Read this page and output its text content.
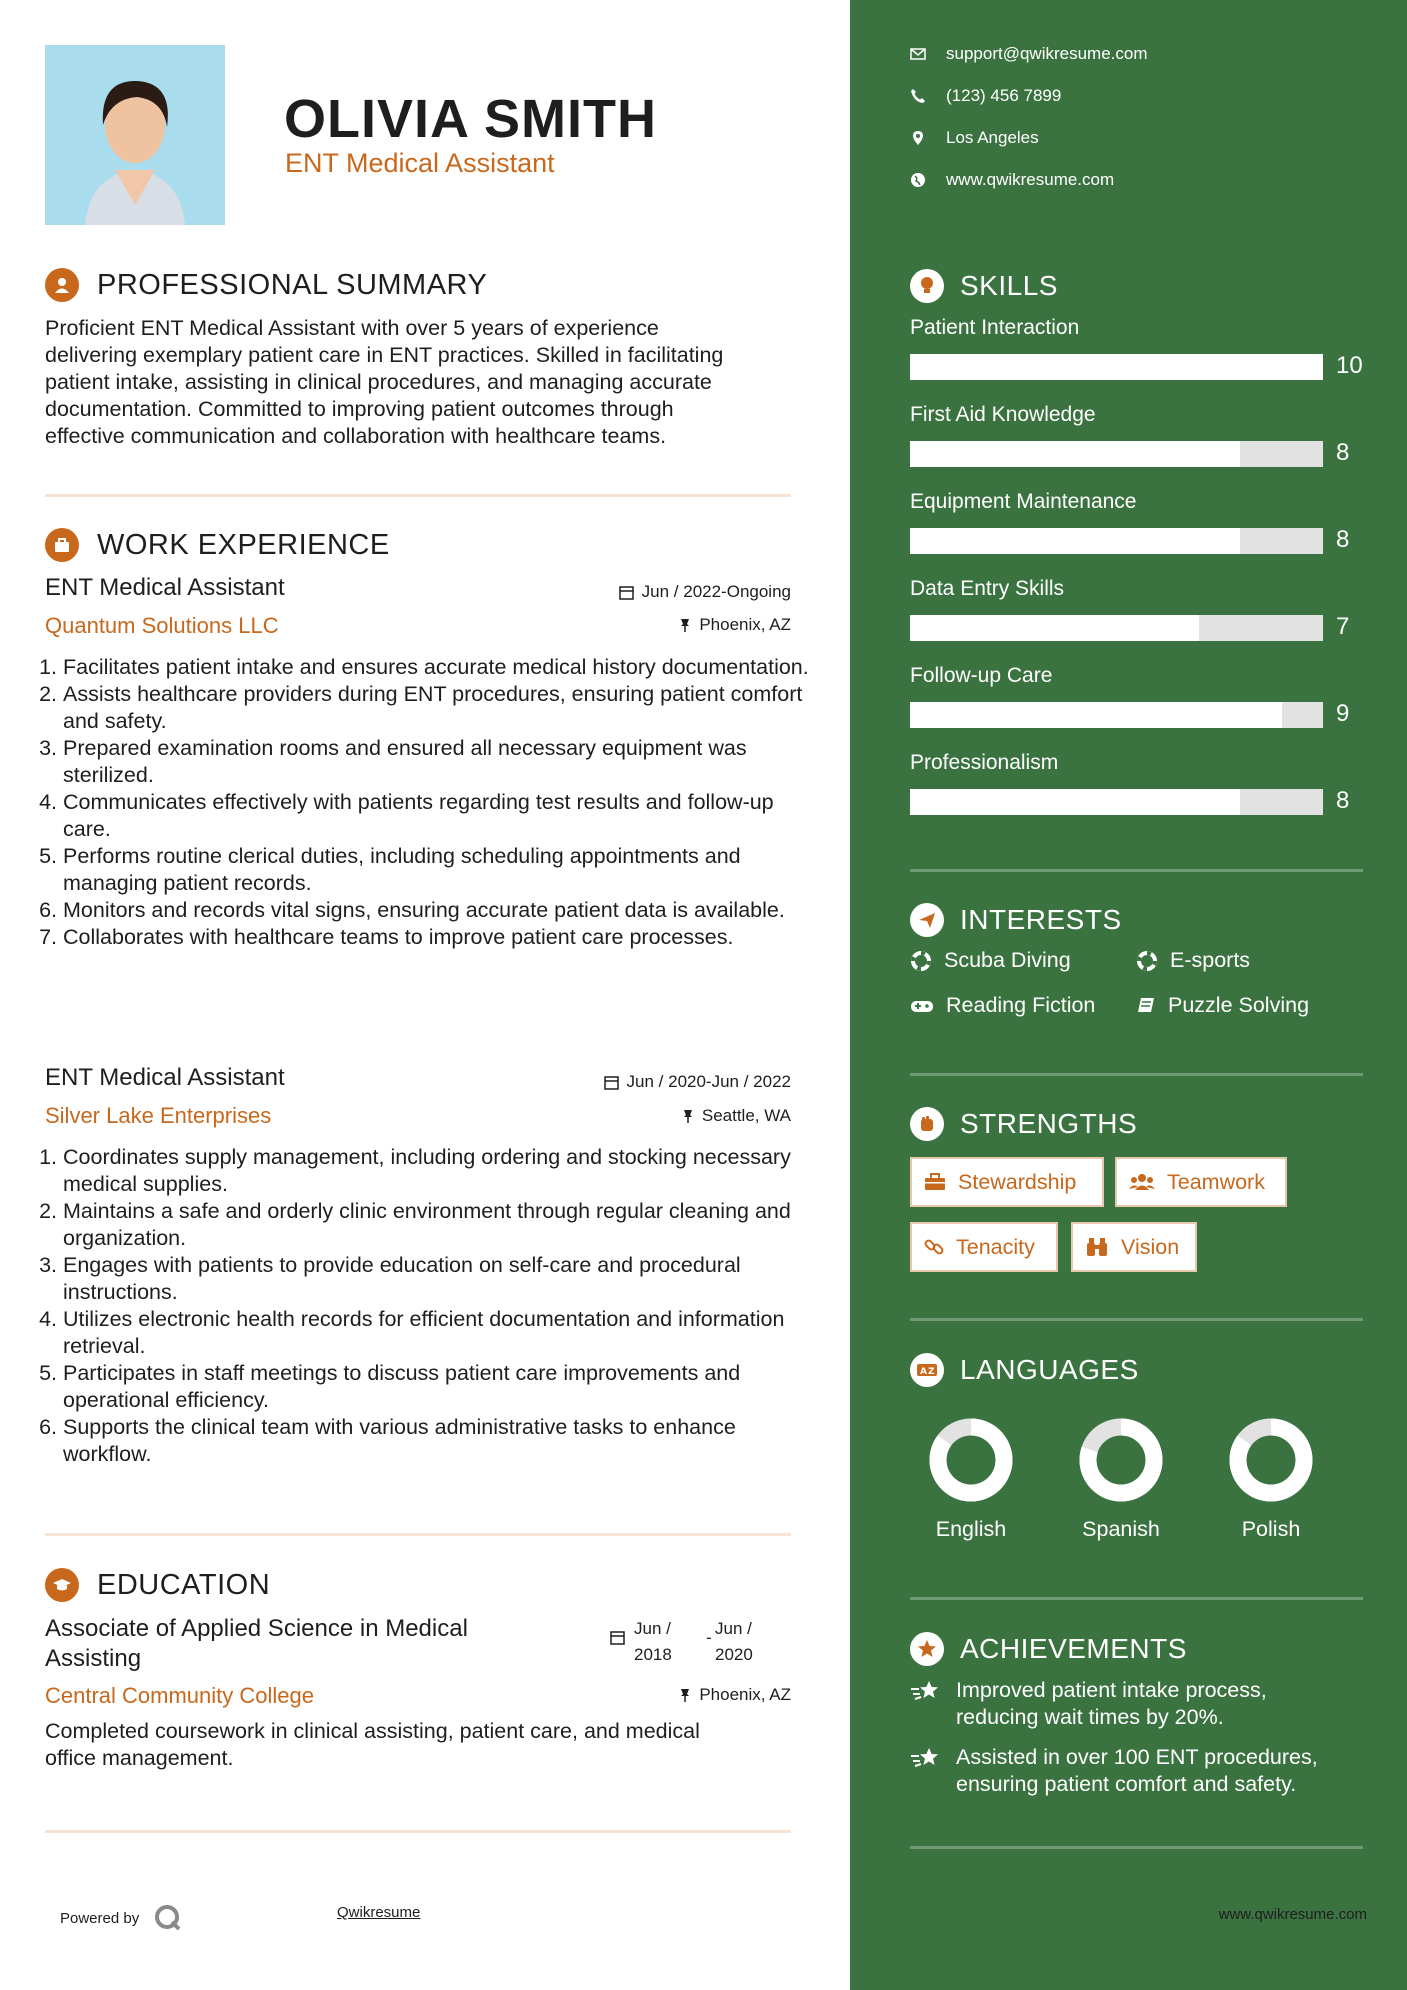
OLIVIA SMITH
ENT Medical Assistant
PROFESSIONAL SUMMARY
Proficient ENT Medical Assistant with over 5 years of experience
delivering exemplary patient care in ENT practices. Skilled in facilitating
patient intake, assisting in clinical procedures, and managing accurate
documentation. Committed to improving patient outcomes through
effective communication and collaboration with healthcare teams.
WORK EXPERIENCE
ENT Medical Assistant	Jun / 2022-Ongoing
Quantum Solutions LLC	Phoenix, AZ
1. Facilitates patient intake and ensures accurate medical history documentation.
2. Assists healthcare providers during ENT procedures, ensuring patient comfort and safety.
3. Prepared examination rooms and ensured all necessary equipment was sterilized.
4. Communicates effectively with patients regarding test results and follow-up care.
5. Performs routine clerical duties, including scheduling appointments and managing patient records.
6. Monitors and records vital signs, ensuring accurate patient data is available.
7. Collaborates with healthcare teams to improve patient care processes.
ENT Medical Assistant	Jun / 2020-Jun / 2022
Silver Lake Enterprises	Seattle, WA
1. Coordinates supply management, including ordering and stocking necessary medical supplies.
2. Maintains a safe and orderly clinic environment through regular cleaning and organization.
3. Engages with patients to provide education on self-care and procedural instructions.
4. Utilizes electronic health records for efficient documentation and information retrieval.
5. Participates in staff meetings to discuss patient care improvements and operational efficiency.
6. Supports the clinical team with various administrative tasks to enhance workflow.
EDUCATION
Associate of Applied Science in Medical
Assisting
Jun /
2018
- Jun /
2020
Central Community College	Phoenix, AZ
Completed coursework in clinical assisting, patient care, and medical
office management.
Powered by	Qwikresume
support@qwikresume.com
(123) 456 7899
Los Angeles
www.qwikresume.com
SKILLS
Patient Interaction
10
First Aid Knowledge
8
Equipment Maintenance
8
Data Entry Skills
7
Follow-up Care
9
Professionalism
8
INTERESTS
Scuba Diving	E-sports
Reading Fiction	Puzzle Solving
STRENGTHS
Stewardship	Teamwork
Tenacity	Vision
A Z LANGUAGES
English	Spanish	Polish
ACHIEVEMENTS
Improved patient intake process,
reducing wait times by 20%.
Assisted in over 100 ENT procedures,
ensuring patient comfort and safety.
www.qwikresume.com
